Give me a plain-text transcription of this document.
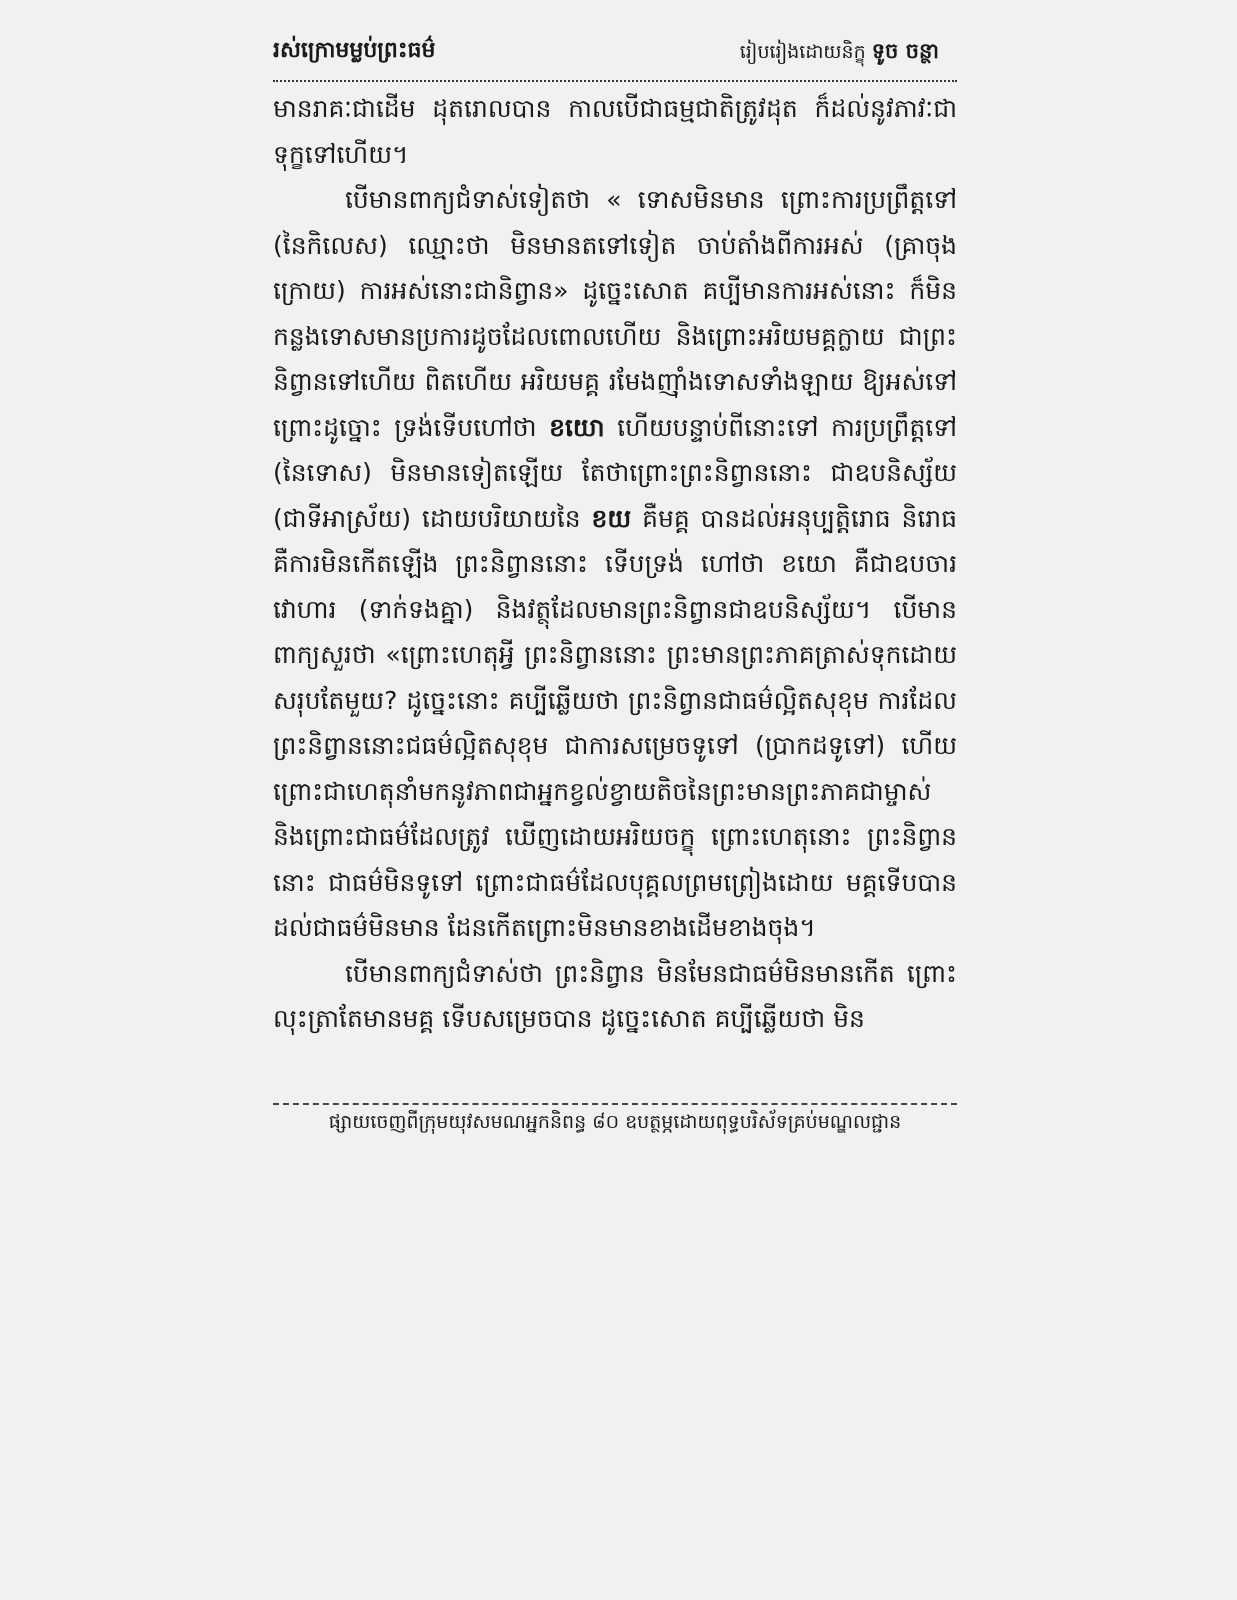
រស់ក្រោមម្លប់ព្រះធម៌	រៀបរៀងដោយនិក្ខុ ទូច ចន្ថា

មានរាគៈជាដើម ដុតរោលបាន កាលបើជាធម្មជាតិត្រូវដុត ក៏ដល់នូវភាវៈជាទុក្ខទៅហើយ។

បើមានពាក្យជំទាស់ទៀតថា « ទោសមិនមាន ព្រោះការប្រព្រឹត្តទៅ (នៃកិលេស) ឈ្មោះថា មិនមានតទៅទៀត ចាប់តាំងពីការអស់ (គ្រាចុងក្រោយ) ការអស់នោះជានិព្វាន» ដូច្នេះសោត គប្បីមានការអស់នោះ ក៏មិនកន្លងទោសមានប្រការដូចដែលពោលហើយ និងព្រោះអរិយមគ្គក្លាយ ជាព្រះនិព្វានទៅហើយ ពិតហើយ អរិយមគ្គ រមែងញ៉ាំងទោសទាំងឡាយ ឱ្យអស់ទៅ ព្រោះដូច្នោះ ទ្រង់ទើបហៅថា ខយោ ហើយបន្ទាប់ពីនោះទៅ ការប្រព្រឹត្តទៅ (នៃទោស) មិនមានទៀតឡើយ តែថាព្រោះព្រះនិព្វាននោះ ជាឧបនិស្ស័យ (ជាទីអាស្រ័យ) ដោយបរិយាយនៃ ខយ គឺមគ្គ បានដល់អនុប្បត្តិរោធ និរោធ គឺការមិនកើតឡើង ព្រះនិព្វាននោះ ទើបទ្រង់ ហៅថា ខយោ គឺជាឧបចារវោហារ (ទាក់ទងគ្នា) និងវត្ថុដែលមានព្រះនិព្វានជាឧបនិស្ស័យ។ បើមានពាក្យសួរថា «ព្រោះហេតុអ្វី ព្រះនិព្វាននោះ ព្រះមានព្រះភាគត្រាស់ទុកដោយសរុបតែមួយ? ដូច្នេះនោះ គប្បីឆ្លើយថា ព្រះនិព្វានជាធម៌ល្អិតសុខុម ការដែលព្រះនិព្វាននោះជធម៌ល្អិតសុខុម ជាការសម្រេចទូទៅ (ប្រាកដទូទៅ) ហើយ ព្រោះជាហេតុនាំមកនូវភាពជាអ្នកខ្វល់ខ្វាយតិចនៃព្រះមានព្រះភាគជាម្ចាស់ និងព្រោះជាធម៌ដែលត្រូវ ឃើញដោយអរិយចក្ខុ ព្រោះហេតុនោះ ព្រះនិព្វាននោះ ជាធម៌មិនទូទៅ ព្រោះជាធម៌ដែលបុគ្គលព្រមព្រៀងដោយ មគ្គទើបបានដល់ជាធម៌មិនមាន ដែនកើតព្រោះមិនមានខាងដើមខាងចុង។

បើមានពាក្យជំទាស់ថា ព្រះនិព្វាន មិនមែនជាធម៌មិនមានកើត ព្រោះលុះត្រាតែមានមគ្គ ទើបសម្រេចបាន ដូច្នេះសោត គប្បីឆ្លើយថា មិន

ផ្សាយចេញពីក្រុមយុវសមណអ្នកនិពន្ធ ៨០ ឧបត្ថម្ភដោយពុទ្ធបរិស័ទគ្រប់មណ្ឌលជ្ជាន
